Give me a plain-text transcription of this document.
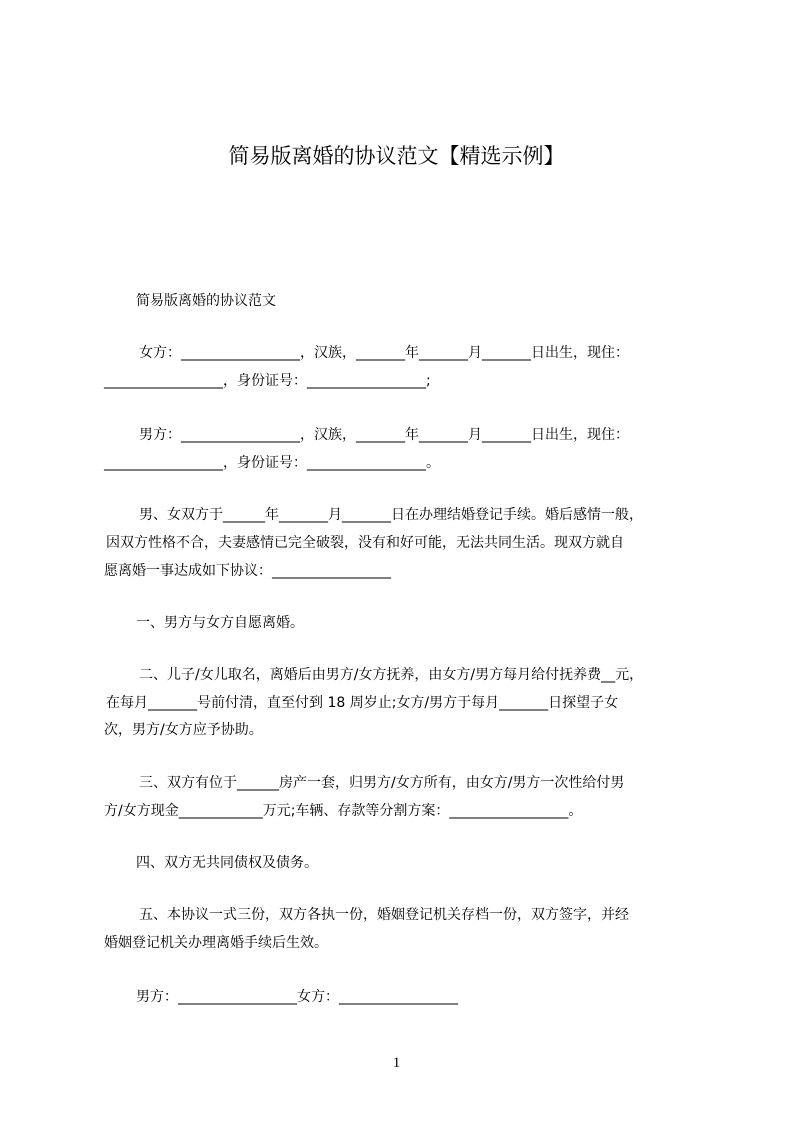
简易版离婚的协议范文【精选示例】
简易版离婚的协议范文
女方：_________________，汉族，_______年_______月_______日出生，现住：
_________________，身份证号：_________________;
男方：_________________，汉族，_______年_______月_______日出生，现住：
_________________，身份证号：_________________。
男、女双方于______年_______月_______日在办理结婚登记手续。婚后感情一般，
因双方性格不合，夫妻感情已完全破裂，没有和好可能，无法共同生活。现双方就自
愿离婚一事达成如下协议：_________________
一、男方与女方自愿离婚。
二、儿子/女儿取名，离婚后由男方/女方抚养，由女方/男方每月给付抚养费__元，
在每月_______号前付清，直至付到 18 周岁止;女方/男方于每月_______日探望子女
次，男方/女方应予协助。
三、双方有位于______房产一套，归男方/女方所有，由女方/男方一次性给付男
方/女方现金____________万元;车辆、存款等分割方案：_________________。
四、双方无共同债权及债务。
五、本协议一式三份，双方各执一份，婚姻登记机关存档一份，双方签字，并经
婚姻登记机关办理离婚手续后生效。
男方：_________________女方：_________________
1
